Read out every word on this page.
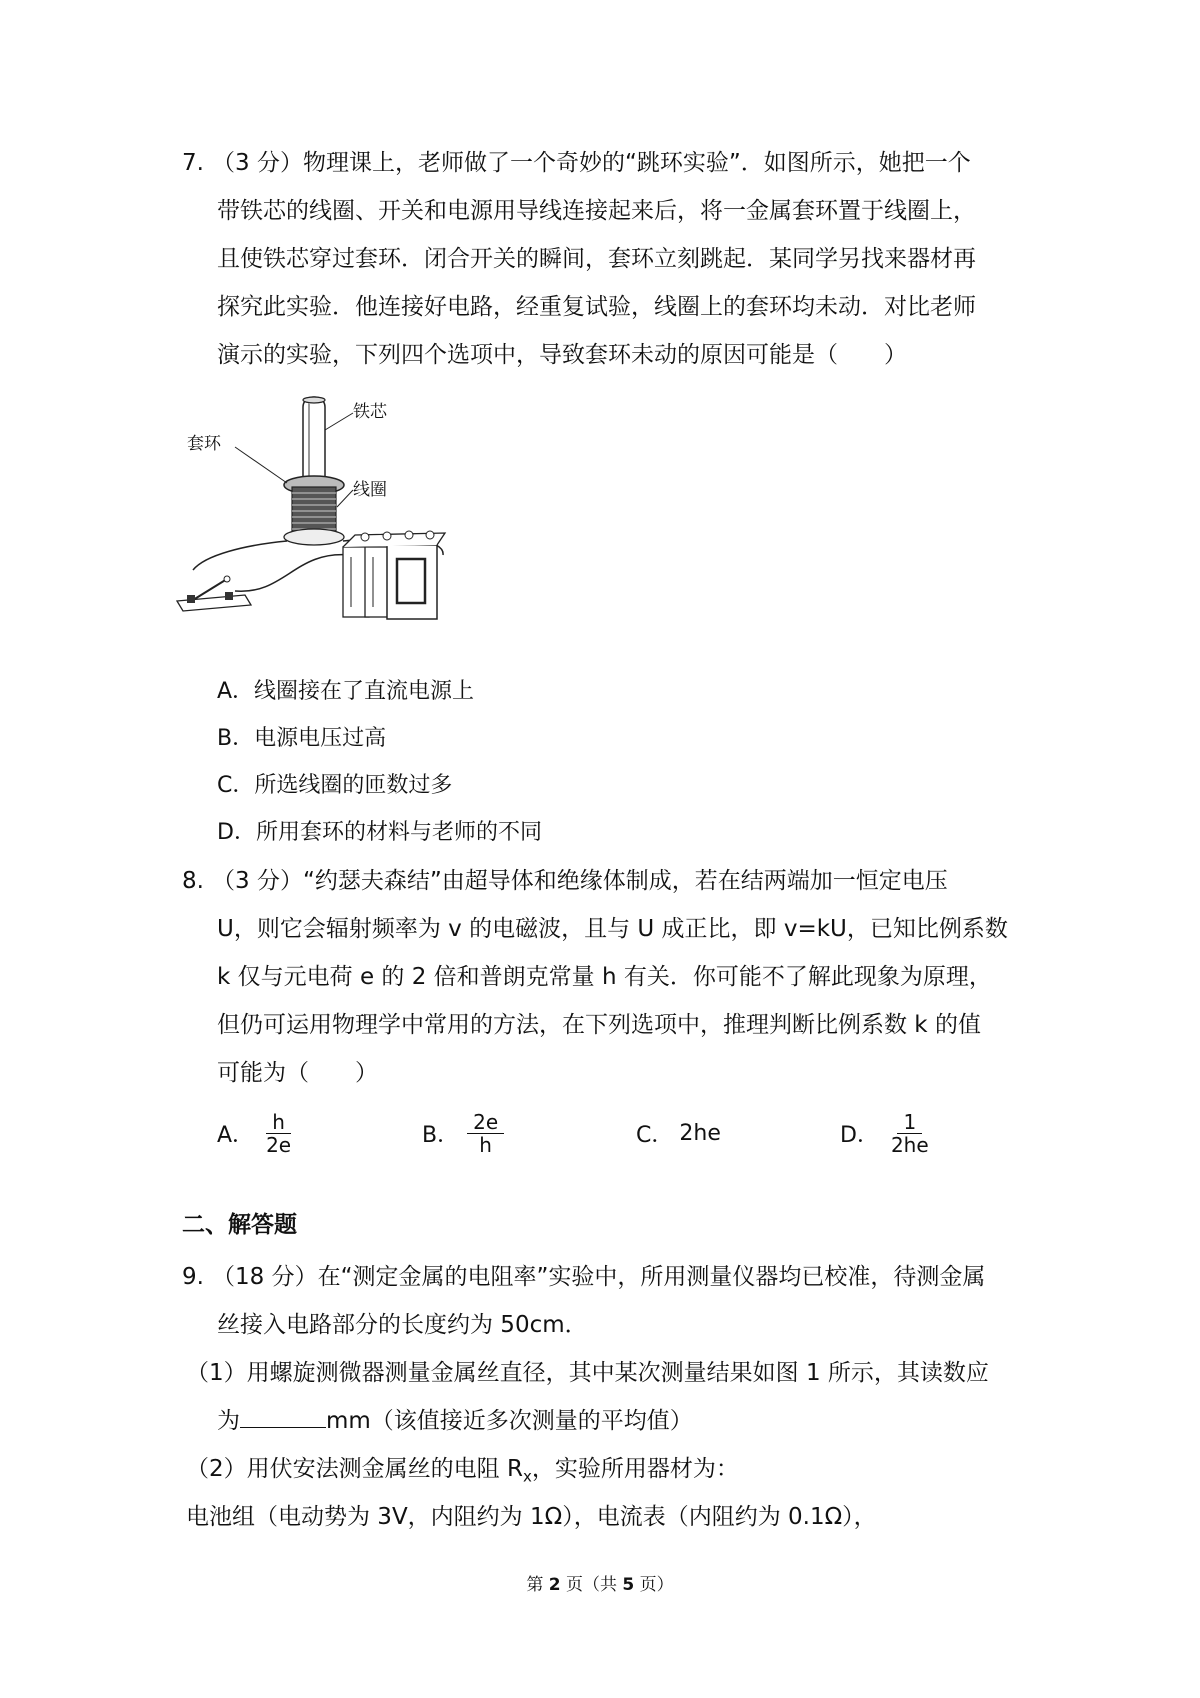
7. （3 分）物理课上，老师做了一个奇妙的“跳环实验”．如图所示，她把一个
带铁芯的线圈、开关和电源用导线连接起来后，将一金属套环置于线圈上，
且使铁芯穿过套环．闭合开关的瞬间，套环立刻跳起．某同学另找来器材再
探究此实验．他连接好电路，经重复试验，线圈上的套环均未动．对比老师
演示的实验，下列四个选项中，导致套环未动的原因可能是（　　）
铁芯
套环
线圈
A．线圈接在了直流电源上
B．电源电压过高
C．所选线圈的匝数过多
D．所用套环的材料与老师的不同
8. （3 分）“约瑟夫森结”由超导体和绝缘体制成，若在结两端加一恒定电压
U，则它会辐射频率为 v 的电磁波，且与 U 成正比，即 v=kU，已知比例系数
k 仅与元电荷 e 的 2 倍和普朗克常量 h 有关．你可能不了解此现象为原理，
但仍可运用物理学中常用的方法，在下列选项中，推理判断比例系数 k 的值
可能为（　　）
A． $\frac{h}{2e}$	B． $\frac{2e}{h}$	C． 2he	D． $\frac{1}{2he}$
二、解答题
9. （18 分）在“测定金属的电阻率”实验中，所用测量仪器均已校准，待测金属
丝接入电路部分的长度约为 50cm．
（1）用螺旋测微器测量金属丝直径，其中某次测量结果如图 1 所示，其读数应
为	mm（该值接近多次测量的平均值）
（2）用伏安法测金属丝的电阻 $R_x$，实验所用器材为：
电池组（电动势为 3V，内阻约为 1Ω），电流表（内阻约为 0.1Ω），
第 2 页（共 5 页）
